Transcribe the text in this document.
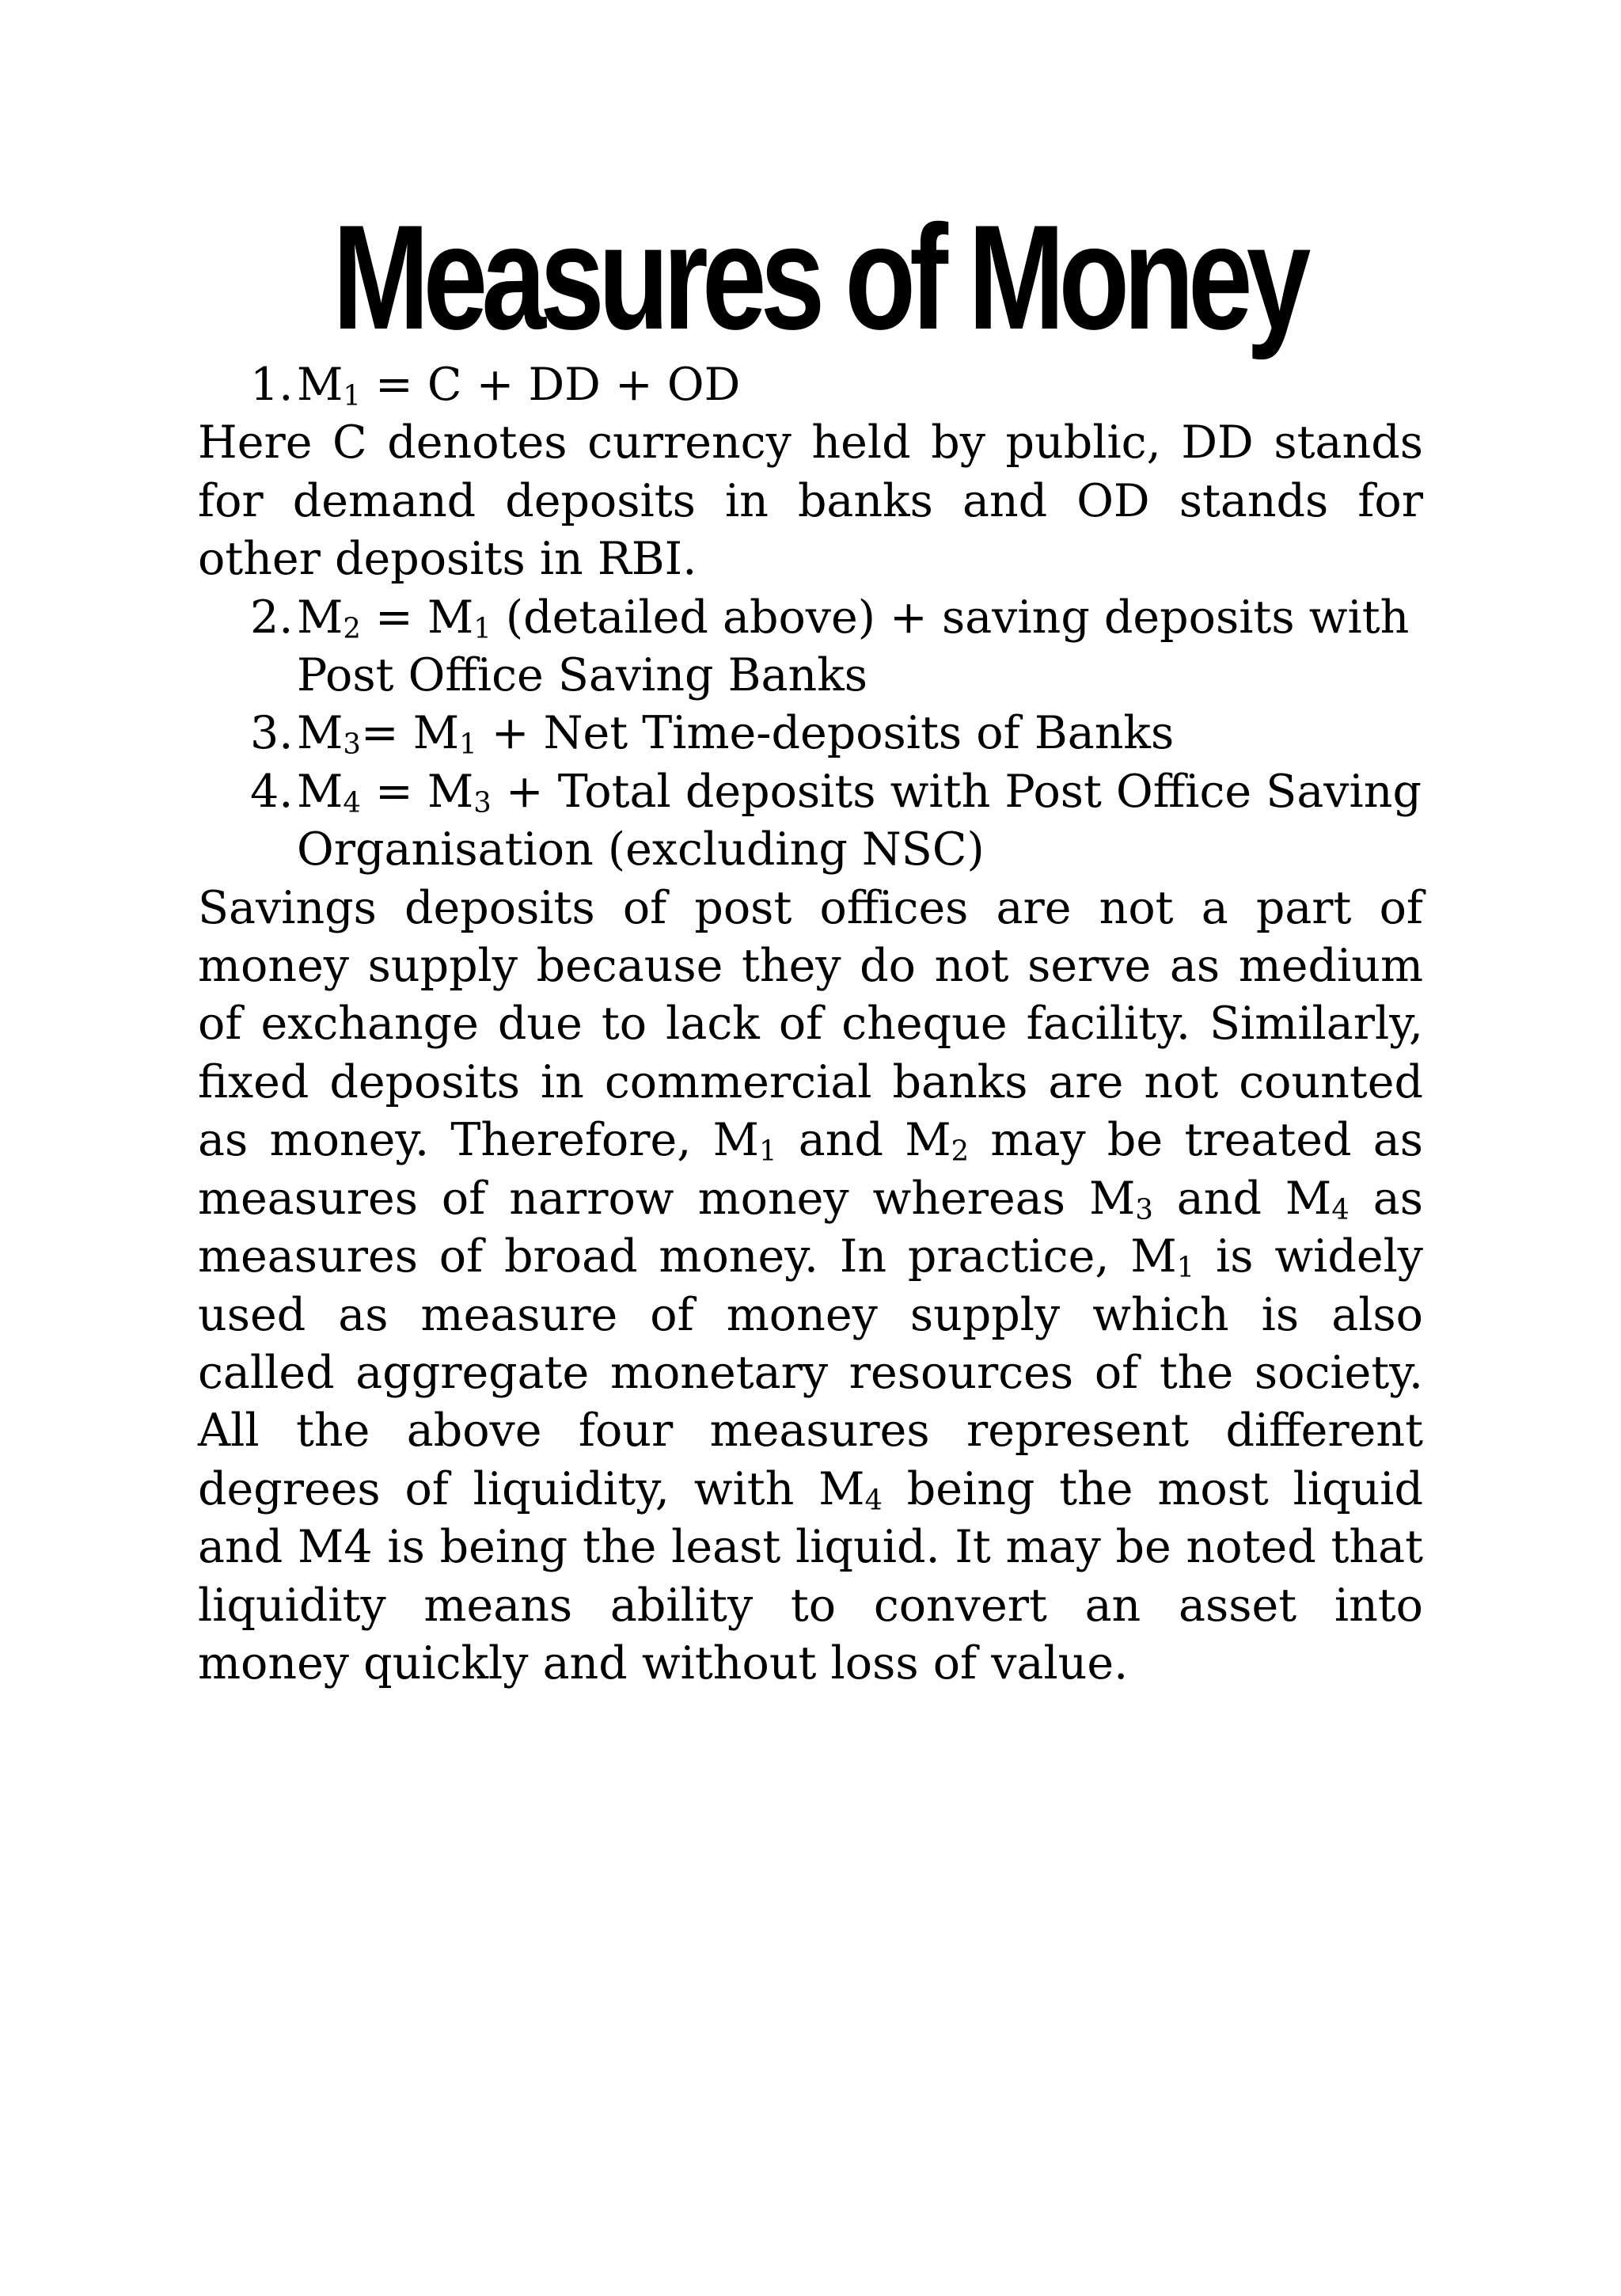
Measures of Money
1. $M_1 = C$ + DD + OD

Here C denotes currency held by public, DD stands for demand deposits in banks and OD stands for other deposits in RBI.

2. $M_2 = M_1$ (detailed above) + saving deposits with Post Office Saving Banks
3. $M_3= M_1$ + Net Time-deposits of Banks
4. $M_4 = M_3$ + Total deposits with Post Office Saving Organisation (excluding NSC)

Savings deposits of post offices are not a part of money supply because they do not serve as medium of exchange due to lack of cheque facility. Similarly, fixed deposits in commercial banks are not counted as money. Therefore, $M_1$ and $M_2$ may be treated as measures of narrow money whereas $M_3$ and $M_4$ as measures of broad money. In practice, $M_1$ is widely used as measure of money supply which is also called aggregate monetary resources of the society. All the above four measures represent different degrees of liquidity, with $M_4$ being the most liquid and M4 is being the least liquid. It may be noted that liquidity means ability to convert an asset into money quickly and without loss of value.
